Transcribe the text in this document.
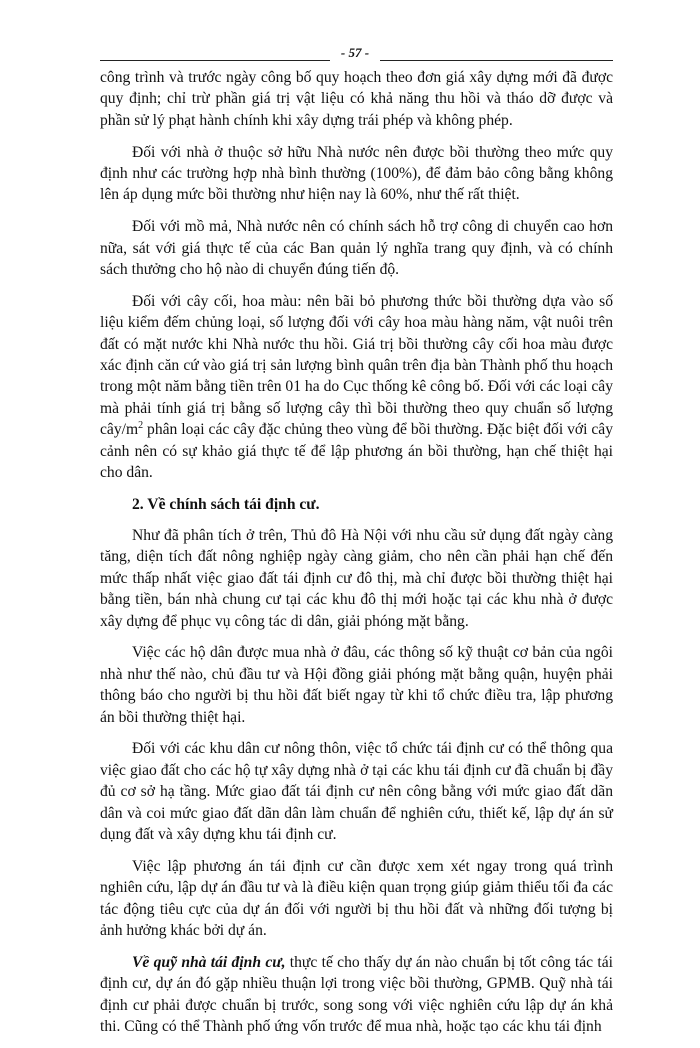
- 57 -

công trình và trước ngày công bố quy hoạch theo đơn giá xây dựng mới đã được quy định; chỉ trừ phần giá trị vật liệu có khả năng thu hồi và tháo dỡ được và phần sử lý phạt hành chính khi xây dựng trái phép và không phép.

Đối với nhà ở thuộc sở hữu Nhà nước nên được bồi thường theo mức quy định như các trường hợp nhà bình thường (100%), để đảm bảo công bằng không lên áp dụng mức bồi thường như hiện nay là 60%, như thế rất thiệt.

Đối với mồ mả, Nhà nước nên có chính sách hỗ trợ công di chuyển cao hơn nữa, sát với giá thực tế của các Ban quản lý nghĩa trang quy định, và có chính sách thưởng cho hộ nào di chuyển đúng tiến độ.

Đối với cây cối, hoa màu: nên bãi bỏ phương thức bồi thường dựa vào số liệu kiểm đếm chủng loại, số lượng đối với cây hoa màu hàng năm, vật nuôi trên đất có mặt nước khi Nhà nước thu hồi. Giá trị bồi thường cây cối hoa màu được xác định căn cứ vào giá trị sản lượng bình quân trên địa bàn Thành phố thu hoạch trong một năm bằng tiền trên 01 ha do Cục thống kê công bố. Đối với các loại cây mà phải tính giá trị bằng số lượng cây thì bồi thường theo quy chuẩn số lượng cây/$m^2$ phân loại các cây đặc chủng theo vùng để bồi thường. Đặc biệt đối với cây cảnh nên có sự khảo giá thực tế để lập phương án bồi thường, hạn chế thiệt hại cho dân.

2. Về chính sách tái định cư.

Như đã phân tích ở trên, Thủ đô Hà Nội với nhu cầu sử dụng đất ngày càng tăng, diện tích đất nông nghiệp ngày càng giảm, cho nên cần phải hạn chế đến mức thấp nhất việc giao đất tái định cư đô thị, mà chỉ được bồi thường thiệt hại bằng tiền, bán nhà chung cư tại các khu đô thị mới hoặc tại các khu nhà ở được xây dựng để phục vụ công tác di dân, giải phóng mặt bằng.

Việc các hộ dân được mua nhà ở đâu, các thông số kỹ thuật cơ bản của ngôi nhà như thế nào, chủ đầu tư và Hội đồng giải phóng mặt bằng quận, huyện phải thông báo cho người bị thu hồi đất biết ngay từ khi tổ chức điều tra, lập phương án bồi thường thiệt hại.

Đối với các khu dân cư nông thôn, việc tổ chức tái định cư có thể thông qua việc giao đất cho các hộ tự xây dựng nhà ở tại các khu tái định cư đã chuẩn bị đầy đủ cơ sở hạ tầng. Mức giao đất tái định cư nên công bằng với mức giao đất dãn dân và coi mức giao đất dãn dân làm chuẩn để nghiên cứu, thiết kế, lập dự án sử dụng đất và xây dựng khu tái định cư.

Việc lập phương án tái định cư cần được xem xét ngay trong quá trình nghiên cứu, lập dự án đầu tư và là điều kiện quan trọng giúp giảm thiểu tối đa các tác động tiêu cực của dự án đối với người bị thu hồi đất và những đối tượng bị ảnh hưởng khác bởi dự án.

Về quỹ nhà tái định cư, thực tế cho thấy dự án nào chuẩn bị tốt công tác tái định cư, dự án đó gặp nhiều thuận lợi trong việc bồi thường, GPMB. Quỹ nhà tái định cư phải được chuẩn bị trước, song song với việc nghiên cứu lập dự án khả thi. Cũng có thể Thành phố ứng vốn trước để mua nhà, hoặc tạo các khu tái định
